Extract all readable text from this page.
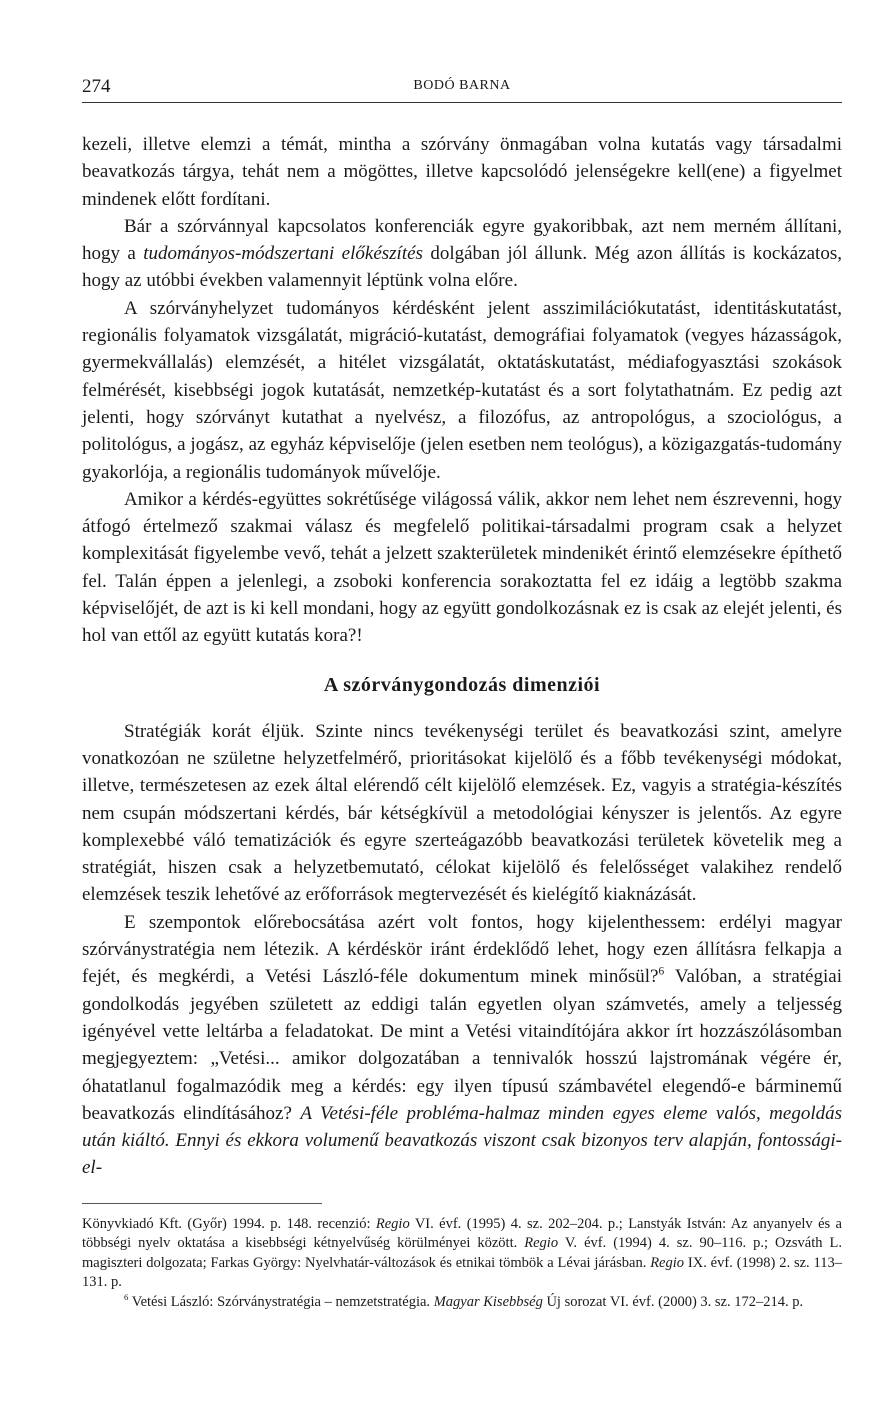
274	BODÓ BARNA

kezeli, illetve elemzi a témát, mintha a szórvány önmagában volna kutatás vagy társadalmi beavatkozás tárgya, tehát nem a mögöttes, illetve kapcsolódó jelenségekre kell(ene) a figyelmet mindenek előtt fordítani.

Bár a szórvánnyal kapcsolatos konferenciák egyre gyakoribbak, azt nem merném állítani, hogy a tudományos-módszertani előkészítés dolgában jól állunk. Még azon állítás is kockázatos, hogy az utóbbi években valamennyit léptünk volna előre.

A szórványhelyzet tudományos kérdésként jelent asszimilációkutatást, identitáskutatást, regionális folyamatok vizsgálatát, migráció-kutatást, demográfiai folyamatok (vegyes házasságok, gyermekvállalás) elemzését, a hitélet vizsgálatát, oktatáskutatást, médiafogyasztási szokások felmérését, kisebbségi jogok kutatását, nemzetkép-kutatást és a sort folytathatnám. Ez pedig azt jelenti, hogy szórványt kutathat a nyelvész, a filozófus, az antropológus, a szociológus, a politológus, a jogász, az egyház képviselője (jelen esetben nem teológus), a közigazgatás-tudomány gyakorlója, a regionális tudományok művelője.

Amikor a kérdés-együttes sokrétűsége világossá válik, akkor nem lehet nem észrevenni, hogy átfogó értelmező szakmai válasz és megfelelő politikai-társadalmi program csak a helyzet komplexitását figyelembe vevő, tehát a jelzett szakterületek mindenikét érintő elemzésekre építhető fel. Talán éppen a jelenlegi, a zsoboki konferencia sorakoztatta fel ez idáig a legtöbb szakma képviselőjét, de azt is ki kell mondani, hogy az együtt gondolkozásnak ez is csak az elejét jelenti, és hol van ettől az együtt kutatás kora?!

A szórványgondozás dimenziói

Stratégiák korát éljük. Szinte nincs tevékenységi terület és beavatkozási szint, amelyre vonatkozóan ne születne helyzetfelmérő, prioritásokat kijelölő és a főbb tevékenységi módokat, illetve, természetesen az ezek által elérendő célt kijelölő elemzések. Ez, vagyis a stratégia-készítés nem csupán módszertani kérdés, bár kétségkívül a metodológiai kényszer is jelentős. Az egyre komplexebbé váló tematizációk és egyre szerteágazóbb beavatkozási területek követelik meg a stratégiát, hiszen csak a helyzetbemutató, célokat kijelölő és felelősséget valakihez rendelő elemzések teszik lehetővé az erőforrások megtervezését és kielégítő kiaknázását.

E szempontok előrebocsátása azért volt fontos, hogy kijelenthessem: erdélyi magyar szórványstratégia nem létezik. A kérdéskör iránt érdeklődő lehet, hogy ezen állításra felkapja a fejét, és megkérdi, a Vetési László-féle dokumentum minek minősül?$^6$ Valóban, a stratégiai gondolkodás jegyében született az eddigi talán egyetlen olyan számvetés, amely a teljesség igényével vette leltárba a feladatokat. De mint a Vetési vitaindítójára akkor írt hozzászólásomban megjegyeztem: „Vetési... amikor dolgozatában a tennivalók hosszú lajstromának végére ér, óhatatlanul fogalmazódik meg a kérdés: egy ilyen típusú számbavétel elegendő-e bárminemű beavatkozás elindításához? A Vetési-féle probléma-halmaz minden egyes eleme valós, megoldás után kiáltó. Ennyi és ekkora volumenű beavatkozás viszont csak bizonyos terv alapján, fontossági-el-

Könyvkiadó Kft. (Győr) 1994. p. 148. recenzió: Regio VI. évf. (1995) 4. sz. 202–204. p.; Lanstyák István: Az anyanyelv és a többségi nyelv oktatása a kisebbségi kétnyelvűség körülményei között. Regio V. évf. (1994) 4. sz. 90–116. p.; Ozsváth L. magiszteri dolgozata; Farkas György: Nyelvhatár-változások és etnikai tömbök a Lévai járásban. Regio IX. évf. (1998) 2. sz. 113–131. p.

$^6$ Vetési László: Szórványstratégia – nemzetstratégia. Magyar Kisebbség Új sorozat VI. évf. (2000) 3. sz. 172–214. p.
